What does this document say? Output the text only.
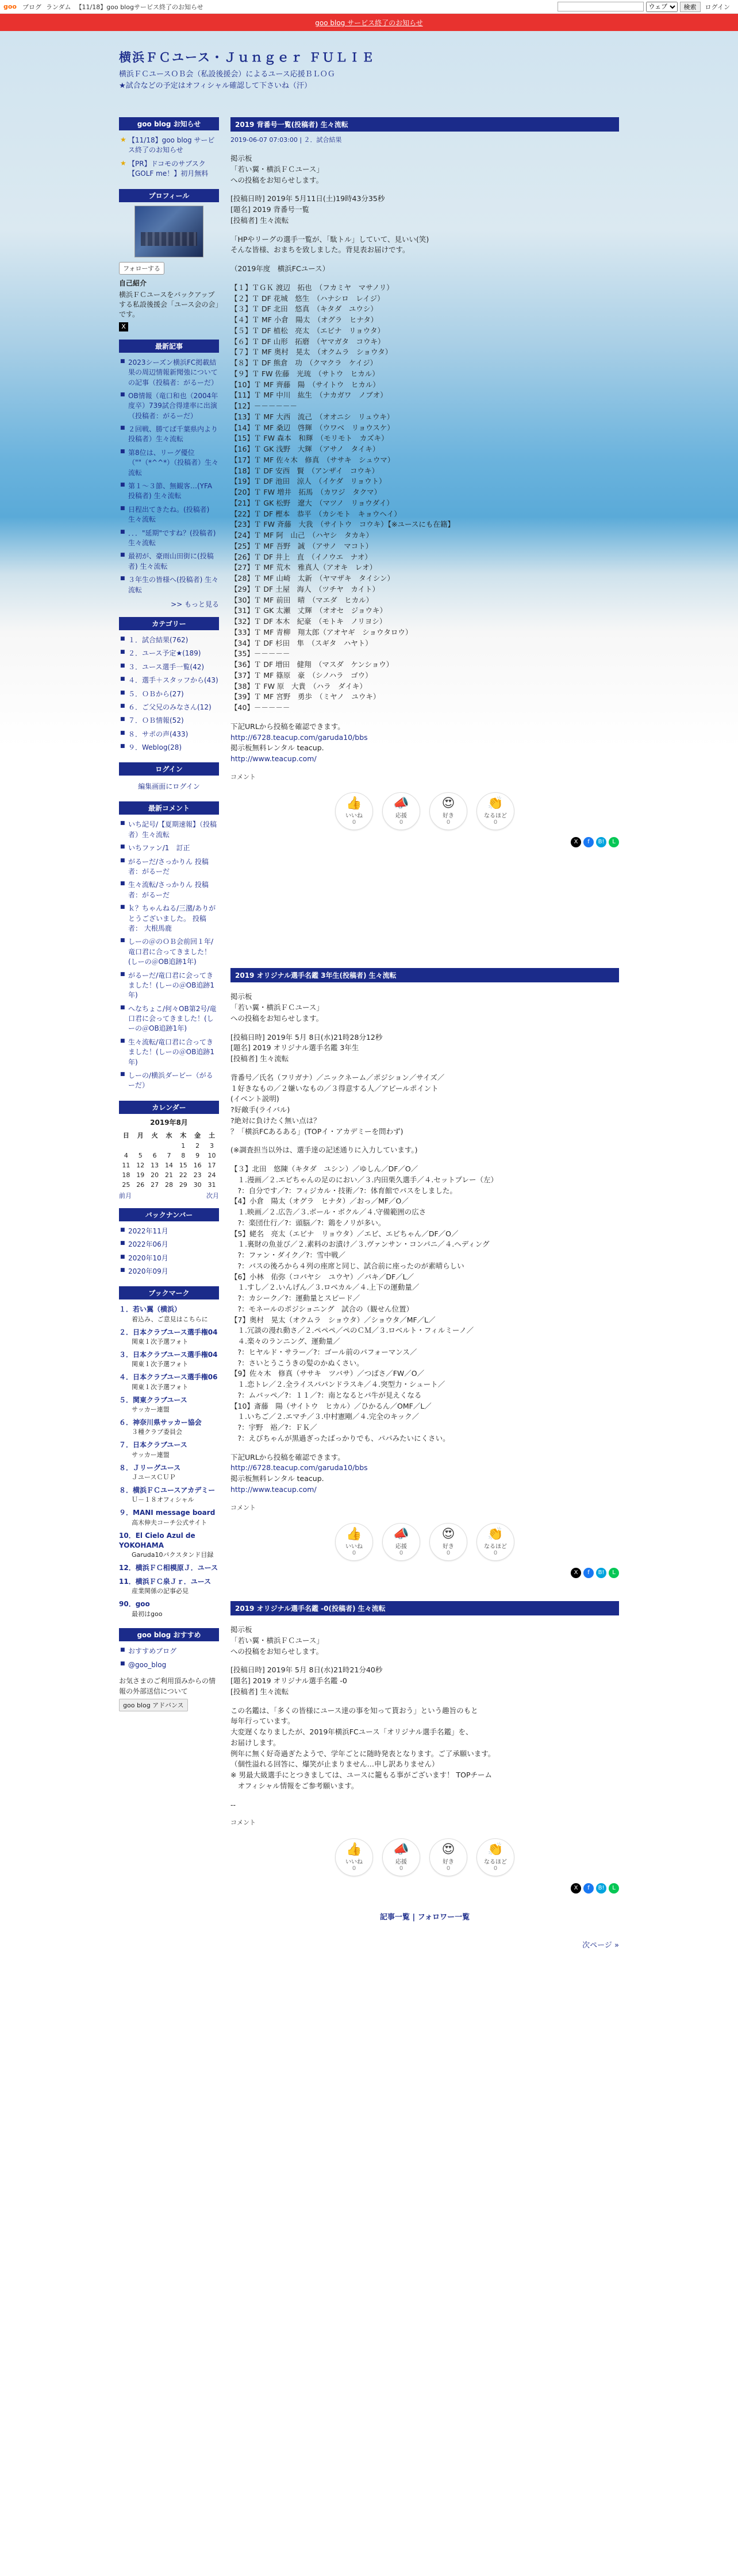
goo ブログ ランダム 【11/18】goo blogサービス終了のお知らせ
ウェブ	検索	ログイン
goo blog サービス終了のお知らせ
横浜ＦＣユース・Ｊｕｎｇｅｒ ＦＵＬＩＥ
横浜ＦＣユースＯＢ会（私設後援会）によるユース応援ＢＬＯＧ
★試合などの予定はオフィシャル確認して下さいね（汗）
goo blog お知らせ
★ 【11/18】goo blog サービス終了のお知らせ
★ 【PR】ドコモのサブスク【GOLF me！】初月無料
プロフィール
フォローする
自己紹介
横浜ＦＣユースをバックアップする私設後援会「ユース会の会」です。
X
最新記事
■ 2023シーズン横浜FC掲載結果の周辺情報新聞強についての記事（投稿者：がるーだ）
■ OB情報（竜口和也（2004年度卒）739試合得達率に出演（投稿者：がるーだ）
■ ２回戦、勝てば千葉県内より投稿者）生々流転
■ 第8位は、リーグ優位（""（*^^*）（投稿者）生々流転
■ 第１〜３節、無観客…(YFA投稿者) 生々流転
■ 日程出てきたね。(投稿者) 生々流転
■ ．．．"延期"ですね？(投稿者)生々流転
■ 最初が、豪雨山田街に(投稿者) 生々流転
■ ３年生の皆様へ(投稿者) 生々流転
>> もっと見る
カテゴリー
■ １．試合結果(762)
■ ２．ユース予定★(189)
■ ３．ユース選手一覧(42)
■ ４．選手＋スタッフから(43)
■ ５．ＯＢから(27)
■ ６．ご父兄のみなさん(12)
■ ７．ＯＢ情報(52)
■ ８．サポの声(433)
■ ９．Weblog(28)
ログイン
編集画面にログイン
最新コメント
■ いち記号/【夏期速報】（投稿者）生々流転
■ いちファン/1　訂正
■ がるーだ/さっかりん 投稿者：がるーだ
■ 生々流転/さっかりん 投稿者：がるーだ
■ ｋ？ちゃんねる/三潴/ありがとうございました。 投稿者： 大根馬鹿
■ しーの＠のＯＢ会前回１年/竜口君に合ってきました！(しーの＠OB追跡1年)
■ がるーだ/竜口君に会ってきました！(しーの＠OB追跡1年)
■ へなちょこ/何々OB第2号/竜口君に会ってきました！(しーの＠OB追跡1年)
■ 生々流転/竜口君に合ってきました！(しーの＠OB追跡1年)
■ しーの/横浜ダービー（がるーだ）
カレンダー
2019年8月
日	月	火	水	木	金	土
				1	2	3
4	5	6	7	8	9	10
11	12	13	14	15	16	17
18	19	20	21	22	23	24
25	26	27	28	29	30	31
前月	次月
バックナンバー
■ 2022年11月
■ 2022年06月
■ 2020年10月
■ 2020年09月
ブックマーク
１．若い翼（横浜）
着込み、ご意見はこちらに
２．日本クラブユース選手権04
関東１次予選フォト
３．日本クラブユース選手権04
関東１次予選フォト
４．日本クラブユース選手権06
関東１次予選フォト
５．関東クラブユース
サッカー連盟
６．神奈川県サッカー協会
３種クラブ委員会
７．日本クラブユース
サッカー連盟
８．Ｊリーグユース
ＪユースＣＵＰ
８．横浜ＦＣユースアカデミー
Ｕ－１８オフィシャル
９．MANI message board
高木伸夫コーチ公式サイト
10．El Cielo Azul de YOKOHAMA
Garuda10パクスタンド目録
12．横浜ＦＣ相模原Ｊ．ユース
11．横浜ＦＣ泉Ｊｒ．ユース
産業関係の記事必見
90．goo
最初はgoo
goo blog おすすめ
■ おすすめブログ
■ @goo_blog
お気さまのご利用頂みからの情報の外部送信について
goo blog アドバンス
2019 背番号一覧(投稿者) 生々流転
2019-06-07 07:03:00 | ２．試合結果

掲示板
「若い翼・横浜ＦＣユース」
への投稿をお知らせします。

[投稿日時] 2019年 5月11日(土)19時43分35秒
[題名] 2019 背番号一覧
[投稿者] 生々流転

「HPやリーグの選手一覧が、「駄トル」していて、見いい(笑)
そんな皆様、おまちを致しました。背見表お届けです。

（2019年度　横浜FCユース）

【１】ＴＧＫ 渡辺　拓也　（フカミヤ　マサノリ）
【２】Ｔ DF 花城　悠生　（ハナシロ　レイジ）
【３】Ｔ DF 北田　悠真　（キタダ　ユウシ）
【４】Ｔ MF 小倉　陽太　（オグラ　ヒナタ）
【５】Ｔ DF 植松　亮太　（エビナ　リョウタ）
【６】Ｔ DF 山形　拓磨　（ヤマガタ　コウキ）
【７】Ｔ MF 奥村　晃太　（オクムラ　ショウタ）
【８】Ｔ DF 熊倉　功　（クマクラ　ケイジ）
【９】Ｔ FW 佐藤　光琉　（サトウ　ヒカル）
【10】Ｔ MF 齊藤　陽　（サイトウ　ヒカル）
【11】Ｔ MF 中川　紘生　（ナカガワ　ノブオ）
【12】－－－－－－
【13】Ｔ MF 大西　流己　（オオニシ　リュウキ）
【14】Ｔ MF 桑辺　啓輝　（ウワベ　リョウスケ）
【15】Ｔ FW 森本　和輝　（モリモト　カズキ）
【16】Ｔ GK 浅野　大輝　（アサノ　タイキ）
【17】Ｔ MF 佐々木　修真　（ササキ　シュウマ）
【18】Ｔ DF 安西　賢　（アンザイ　コウキ）
【19】Ｔ DF 池田　涼人　（イケダ　リョウト）
【20】Ｔ FW 増井　拓馬　（カワジ　タクマ）
【21】Ｔ GK 松野　遼大　（マツノ　リョウダイ）
【22】Ｔ DF 樫本　恭平　（カシモト　キョウヘイ）
【23】Ｔ FW 斉藤　大我　（サイトウ　コウキ）【※ユースにも在籍】
【24】Ｔ MF 阿　山己　（ハヤシ　タカキ）
【25】Ｔ MF 吾野　誠　（アサノ　マコト）
【26】Ｔ DF 井上　直　（イノウエ　ナオ）
【27】Ｔ MF 荒木　雅真人（アオキ　レオ）
【28】Ｔ MF 山崎　太新　（ヤマザキ　タイシン）
【29】Ｔ DF 土屋　海人　（ツチヤ　カイト）
【30】Ｔ MF 前田　晴　（マエダ　ヒカル）
【31】Ｔ GK 太瀬　丈輝　（オオセ　ジョウキ）
【32】Ｔ DF 本木　紀豪　（モトキ　ノリヨシ）
【33】Ｔ MF 青柳　翔太郎（アオヤギ　ショウタロウ）
【34】Ｔ DF 杉田　隼　（スギタ　ハヤト）
【35】－－－－－
【36】Ｔ DF 増田　健翔　（マスダ　ケンショウ）
【37】Ｔ MF 篠原　豪　（シノハラ　ゴウ）
【38】Ｔ FW 原　大貴　（ハラ　ダイキ）
【39】Ｔ MF 宮野　勇歩　（ミヤノ　ユウキ）
【40】－－－－－

下記URLから投稿を確認できます。
http://6728.teacup.com/garuda10/bbs
掲示板無料レンタル teacup.
http://www.teacup.com/

コメント
👍
いいね
0
📣
応援
0
😍
好き
0
👏
なるほど
0
X	f	B!	L
2019 オリジナル選手名鑑 3年生(投稿者) 生々流転

掲示板
「若い翼・横浜ＦＣユース」
への投稿をお知らせします。

[投稿日時] 2019年 5月 8日(水)21時28分12秒
[題名] 2019 オリジナル選手名鑑 3年生
[投稿者] 生々流転

背番号／氏名（フリガナ）／ニックネーム／ポジション／サイズ／
１好きなもの／２嫌いなもの／３得意する人／アピールポイント
(イベント説明)
?好敵手(ライバル)
?絶対に負けたく無い点は？
？「横浜FCあるある」(TOPイ・アカデミーを問わず)

(※調査担当以外は、選手達の記述通りに入力しています。)

【３】北田　悠陳（キタダ　ユシン）／ゆしん／DF／O／
　１.漫画／２.エビちゃんの足のにおい／３.内田栗久選手／４.セットプレー（左）
　?：自分です／?：フィジカル・技術／?：体育館でパスをしました。
【4】小倉　陽太（オグラ　ヒナタ）／おっ／MF／O／
　１.映画／２.広告／３.ボール・ボクル／４.守備範囲の広さ
　?：楽団仕行／?：頭脳／?：鶏をノリが多い。
【5】蛯名　亮太（エビナ　リョウタ）／エビ、エビちゃん／DF／O／
　１.裏財の魚並び／２.素料のお漬け／３.ヴァンサン・コンパニ／４.ヘディング
　?：ファン・ダイク／?：雪中戦／
　?：バスの後ろから４列の座席と同じ、試合前に座ったのが素晴らしい
【6】小林　佑弥（コバヤシ　ユウヤ）／パキ／DF／L／
　１.すし／２.いんげん／３.ロベカル／４.上下の運動量／
　?：カシーク／?：運動量とスピード／
　?：モネールのポジショニング　試合の（観せん位置）
【7】奥村　晃太（オクムラ　ショウタ）／ショウタ／MF／L／
　１.冗談の漫れ動さ／２.ペペペ／ペのＣＭ／３.ロベルト・フィルミーノ／
　４.楽々のランニング、運動量／
　?：ヒヤルド・サラー／?：ゴール前のパフォーマンス／
　?：さいとうこうきの髪のかぬくさい。
【9】佐々木　修真（ササキ　ツバサ）／つばさ／FW／O／
　１.恋トレ／２.全ライスパパンドラスキ／４.突型力・シュート／
　?：ムバッペ／?：１１／?：南となるとパ牛が見えくなる
【10】斎藤　陽（サイトウ　ヒカル）／ひかるん／OMF／L／
　１.いちご／２.エマチ／３.中村憲剛／４.完全のキック／
　?：宇野　裕／?：ＦＫ／
　?：えびちゃんが黒過ぎったばっかりでも、パパみたいにくさい。

下記URLから投稿を確認できます。
http://6728.teacup.com/garuda10/bbs
掲示板無料レンタル teacup.
http://www.teacup.com/

コメント
👍
いいね
0
📣
応援
0
😍
好き
0
👏
なるほど
0
X	f	B!	L
2019 オリジナル選手名鑑 -0(投稿者) 生々流転

掲示板
「若い翼・横浜ＦＣユース」
への投稿をお知らせします。

[投稿日時] 2019年 5月 8日(水)21時21分40秒
[題名] 2019 オリジナル選手名鑑 -0
[投稿者] 生々流転

この名鑑は、「多くの皆様にユース達の事を知って貰おう」という趣旨のもと
毎年行っています。
大変遅くなりましたが、2019年横浜FCユース「オリジナル選手名鑑」を、
お届けします。
例年に無く好奇過ぎたようで、学年ごとに随時発表となります。ご了承願います。
（個性溢れる回答に、爆笑が止まりません…申し訳ありません）
※ 男最大級選手にとつきましては、ユースに籠もる事がございます！ TOPチーム
　オフィシャル情報をご参考願います。

--

コメント
👍
いいね
0
📣
応援
0
😍
好き
0
👏
なるほど
0
X	f	B!	L
記事一覧 | フォロワー一覧
次ページ »
